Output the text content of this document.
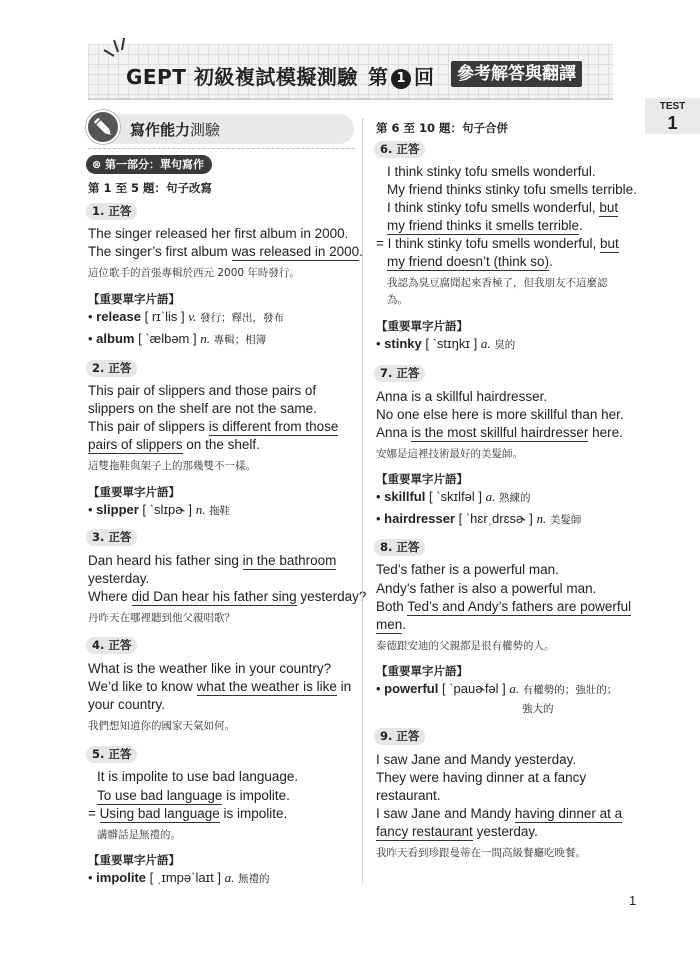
GEPT 初級複試模擬測驗 第 1 回	參考解答與翻譯
TEST
1
寫作能力測驗
⊗ 第一部分：單句寫作
第 1 至 5 題：句子改寫
1. 正答
The singer released her first album in 2000.
The singer’s first album was released in 2000.
這位歌手的首張專輯於西元 2000 年時發行。
【重要單字片語】
• release [ rɪˋlis ] v. 發行；釋出，發布
• album [ ˋælbəm ] n. 專輯；相簿
2. 正答
This pair of slippers and those pairs of
slippers on the shelf are not the same.
This pair of slippers is different from those
pairs of slippers on the shelf.
這雙拖鞋與架子上的那幾雙不一樣。
【重要單字片語】
• slipper [ ˋslɪpɚ ] n. 拖鞋
3. 正答
Dan heard his father sing in the bathroom
yesterday.
Where did Dan hear his father sing yesterday?
丹昨天在哪裡聽到他父親唱歌？
4. 正答
What is the weather like in your country?
We’d like to know what the weather is like in
your country.
我們想知道你的國家天氣如何。
5. 正答
It is impolite to use bad language.
To use bad language is impolite.
= Using bad language is impolite.
講髒話是無禮的。
【重要單字片語】
• impolite [ ˌɪmpəˋlaɪt ] a. 無禮的
第 6 至 10 題：句子合併
6. 正答
I think stinky tofu smells wonderful.
My friend thinks stinky tofu smells terrible.
I think stinky tofu smells wonderful, but
my friend thinks it smells terrible.
= I think stinky tofu smells wonderful, but
my friend doesn’t (think so).
我認為臭豆腐聞起來香極了，但我朋友不這麼認
為。
【重要單字片語】
• stinky [ ˋstɪŋkɪ ] a. 臭的
7. 正答
Anna is a skillful hairdresser.
No one else here is more skillful than her.
Anna is the most skillful hairdresser here.
安娜是這裡技術最好的美髮師。
【重要單字片語】
• skillful [ ˋskɪlfəl ] a. 熟練的
• hairdresser [ ˋhɛrˌdrɛsɚ ] n. 美髮師
8. 正答
Ted’s father is a powerful man.
Andy’s father is also a powerful man.
Both Ted’s and Andy’s fathers are powerful
men.
泰德跟安迪的父親都是很有權勢的人。
【重要單字片語】
• powerful [ ˋpauɚfəl ] a. 有權勢的；強壯的；
強大的
9. 正答
I saw Jane and Mandy yesterday.
They were having dinner at a fancy
restaurant.
I saw Jane and Mandy having dinner at a
fancy restaurant yesterday.
我昨天看到珍跟曼蒂在一間高級餐廳吃晚餐。
1
